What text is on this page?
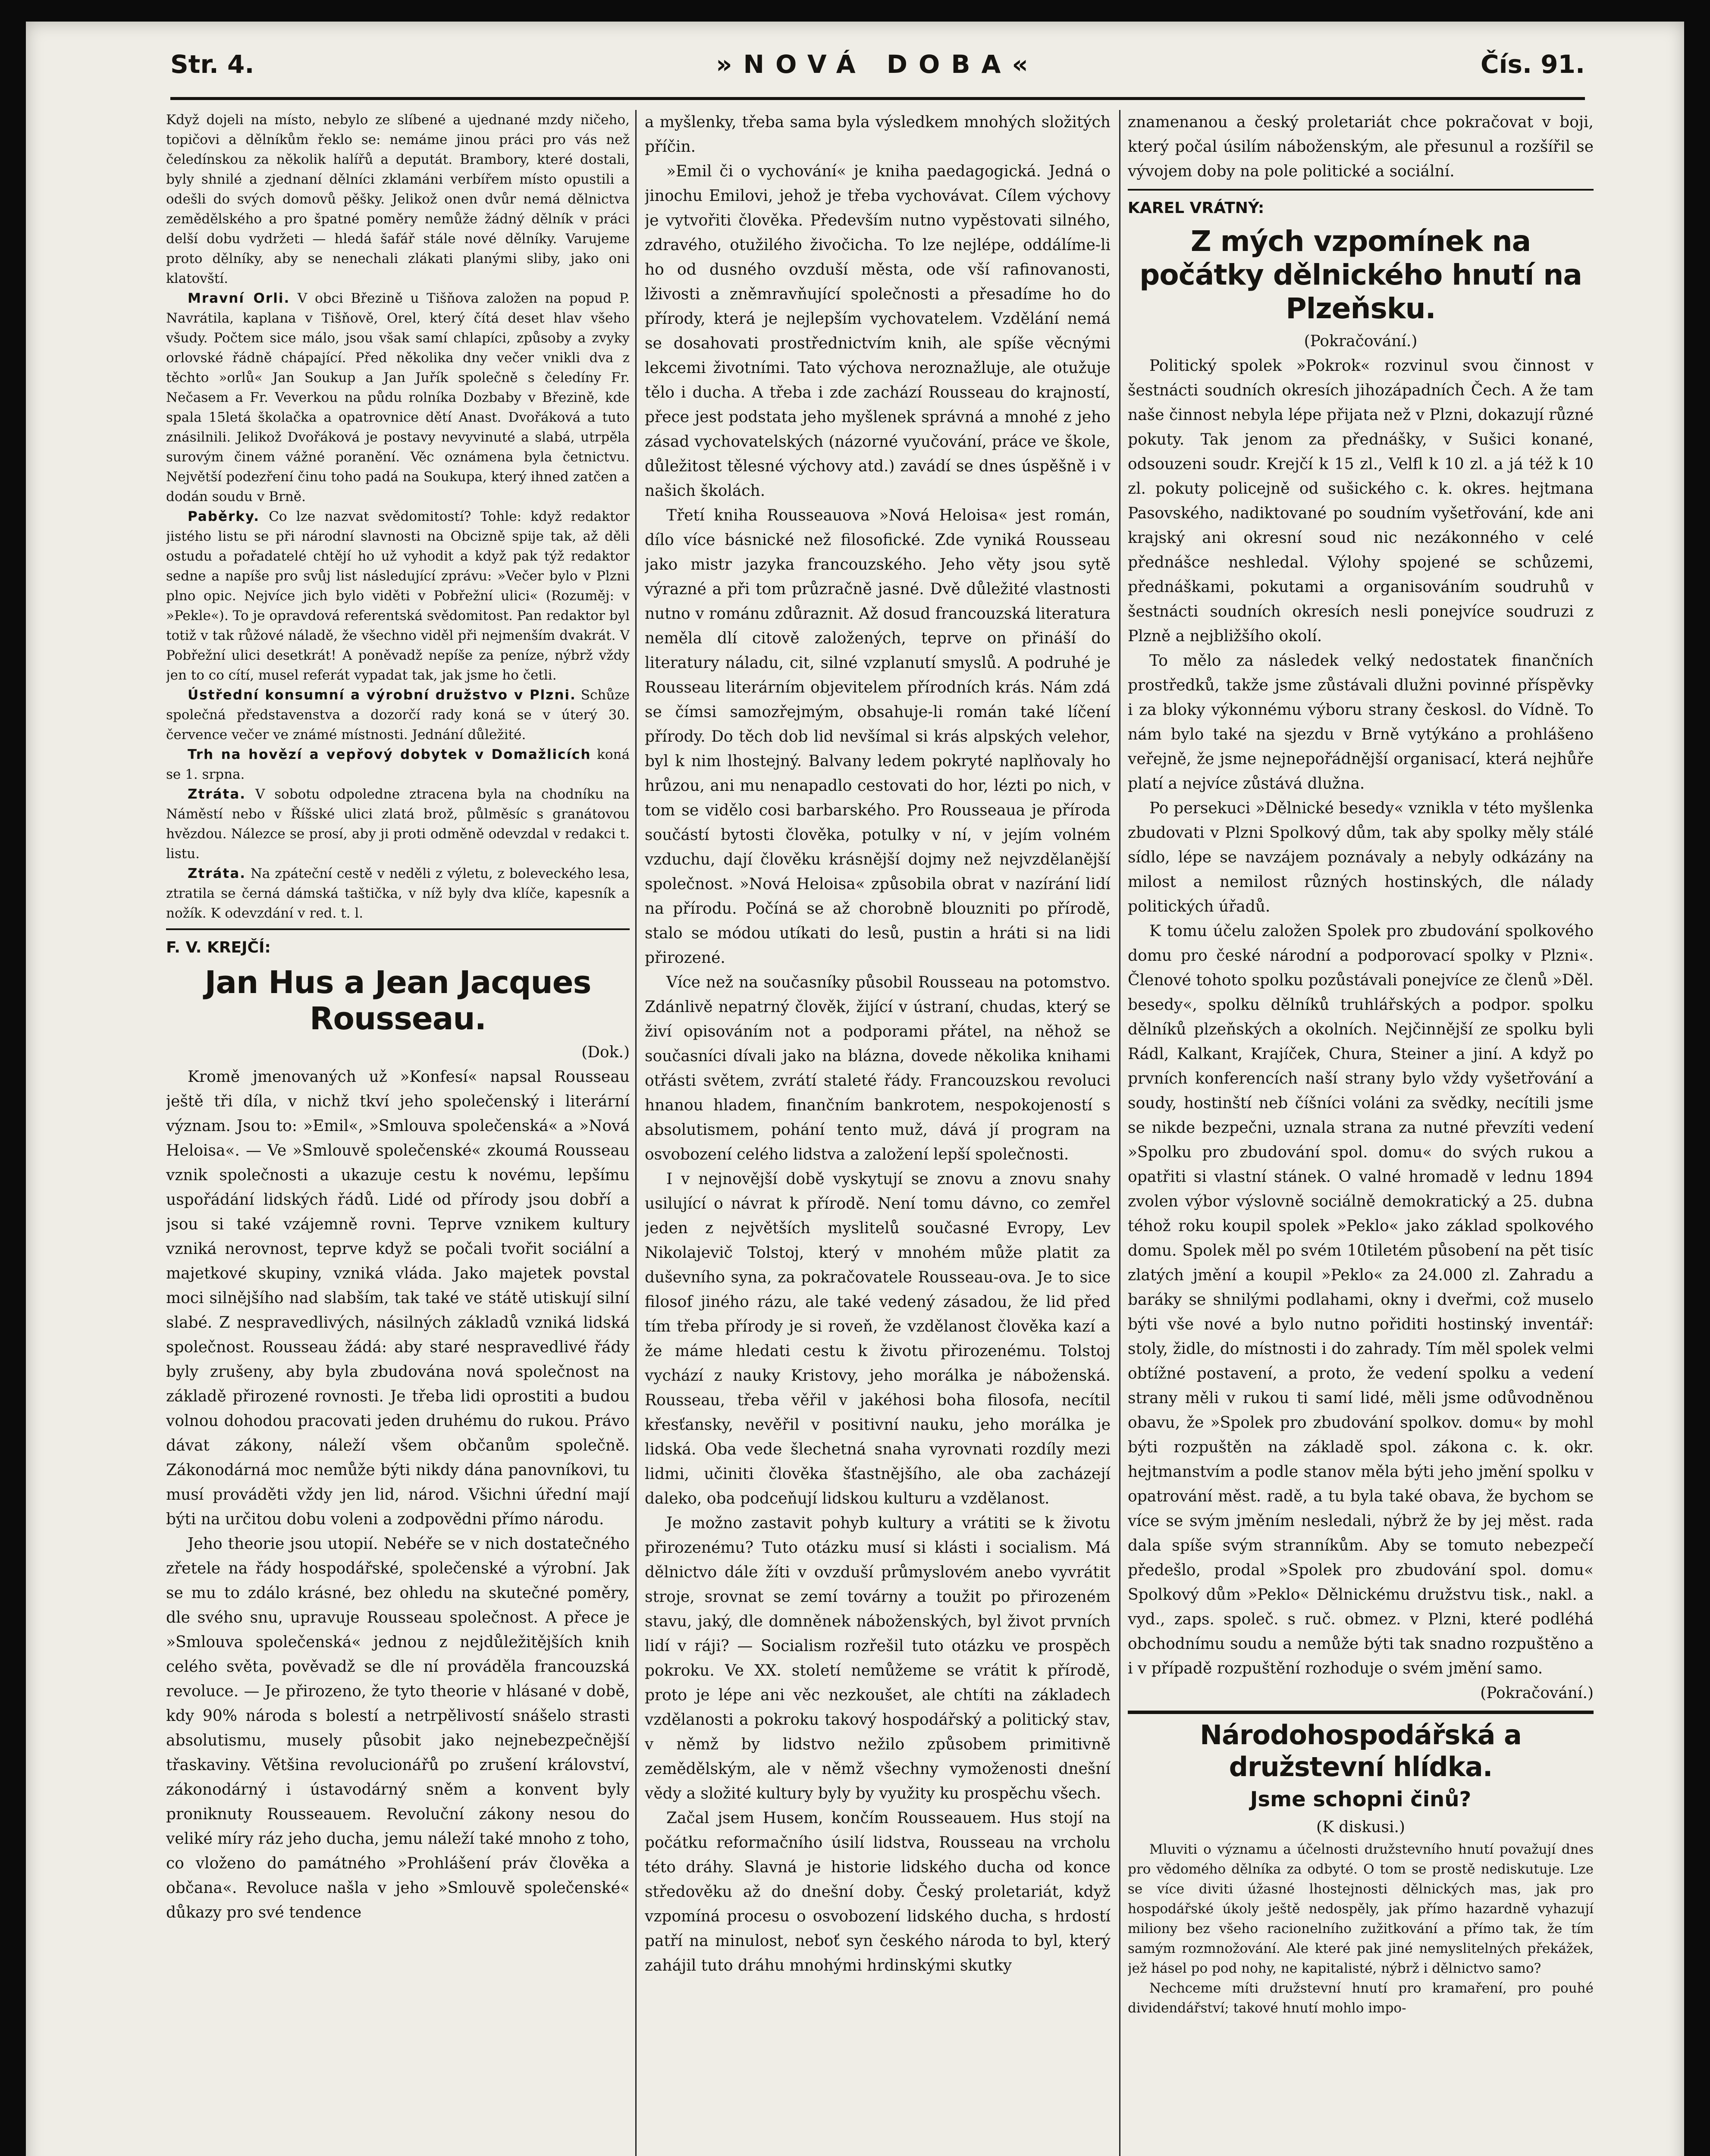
Str. 4.	»NOVÁ DOBA«	Čís. 91.

Když dojeli na místo, nebylo ze slíbené a ujednané mzdy ničeho, topičovi a dělníkům řeklo se: nemáme jinou práci pro vás než čeledínskou za několik halířů a deputát. Brambory, které dostali, byly shnilé a zjednaní dělníci zklamáni verbířem místo opustili a odešli do svých domovů pěšky. Jelikož onen dvůr nemá dělnictva zemědělského a pro špatné poměry nemůže žádný dělník v práci delší dobu vydržeti — hledá šafář stále nové dělníky. Varujeme proto dělníky, aby se nenechali zlákati planými sliby, jako oni klatovští.

Mravní Orli. V obci Březině u Tišňova založen na popud P. Navrátila, kaplana v Tišňově, Orel, který čítá deset hlav všeho všudy. Počtem sice málo, jsou však samí chlapíci, způsoby a zvyky orlovské řádně chápající. Před několika dny večer vnikli dva z těchto »orlů« Jan Soukup a Jan Juřík společně s čeledíny Fr. Nečasem a Fr. Veverkou na půdu rolníka Dozbaby v Březině, kde spala 15letá školačka a opatrovnice dětí Anast. Dvořáková a tuto znásilnili. Jelikož Dvořáková je postavy nevyvinuté a slabá, utrpěla surovým činem vážné poranění. Věc oznámena byla četnictvu. Největší podezření činu toho padá na Soukupa, který ihned zatčen a dodán soudu v Brně.

Paběrky. Co lze nazvat svědomitostí? Tohle: když redaktor jistého listu se při národní slavnosti na Obcizně spije tak, až děli ostudu a pořadatelé chtějí ho už vyhodit a když pak týž redaktor sedne a napíše pro svůj list následující zprávu: »Večer bylo v Plzni plno opic. Nejvíce jich bylo viděti v Pobřežní ulici« (Rozuměj: v »Pekle«). To je opravdová referentská svědomitost. Pan redaktor byl totiž v tak růžové náladě, že všechno viděl při nejmenším dvakrát. V Pobřežní ulici desetkrát! A poněvadž nepíše za peníze, nýbrž vždy jen to co cítí, musel referát vypadat tak, jak jsme ho četli.

Ústřední konsumní a výrobní družstvo v Plzni. Schůze společná představenstva a dozorčí rady koná se v úterý 30. července večer ve známé místnosti. Jednání důležité.

Trh na hovězí a vepřový dobytek v Domažlicích koná se 1. srpna.

Ztráta. V sobotu odpoledne ztracena byla na chodníku na Náměstí nebo v Říšské ulici zlatá brož, půlměsíc s granátovou hvězdou. Nálezce se prosí, aby ji proti odměně odevzdal v redakci t. listu.

Ztráta. Na zpáteční cestě v neděli z výletu, z boleveckého lesa, ztratila se černá dámská taštička, v níž byly dva klíče, kapesník a nožík. K odevzdání v red. t. l.

F. V. KREJČÍ:
Jan Hus a Jean Jacques Rousseau.
(Dok.)

Kromě jmenovaných už »Konfesí« napsal Rousseau ještě tři díla, v nichž tkví jeho společenský i literární význam. Jsou to: »Emil«, »Smlouva společenská« a »Nová Heloisa«. — Ve »Smlouvě společenské« zkoumá Rousseau vznik společnosti a ukazuje cestu k novému, lepšímu uspořádání lidských řádů. Lidé od přírody jsou dobří a jsou si také vzájemně rovni. Teprve vznikem kultury vzniká nerovnost, teprve když se počali tvořit sociální a majetkové skupiny, vzniká vláda. Jako majetek povstal moci silnějšího nad slabším, tak také ve státě utiskují silní slabé. Z nespravedlivých, násilných základů vzniká lidská společnost. Rousseau žádá: aby staré nespravedlivé řády byly zrušeny, aby byla zbudována nová společnost na základě přirozené rovnosti. Je třeba lidi oprostiti a budou volnou dohodou pracovati jeden druhému do rukou. Právo dávat zákony, náleží všem občanům společně. Zákonodárná moc nemůže býti nikdy dána panovníkovi, tu musí prováděti vždy jen lid, národ. Všichni úřední mají býti na určitou dobu voleni a zodpovědni přímo národu.

Jeho theorie jsou utopií. Nebéře se v nich dostatečného zřetele na řády hospodářské, společenské a výrobní. Jak se mu to zdálo krásné, bez ohledu na skutečné poměry, dle svého snu, upravuje Rousseau společnost. A přece je »Smlouva společenská« jednou z nejdůležitějších knih celého světa, pověvadž se dle ní prováděla francouzská revoluce. — Je přirozeno, že tyto theorie v hlásané v době, kdy 90% národa s bolestí a netrpělivostí snášelo strasti absolutismu, musely působit jako nejnebezpečnější třaskaviny. Většina revolucionářů po zrušení království, zákonodárný i ústavodárný sněm a konvent byly proniknuty Rousseauem. Revoluční zákony nesou do veliké míry ráz jeho ducha, jemu náleží také mnoho z toho, co vloženo do památného »Prohlášení práv člověka a občana«. Revoluce našla v jeho »Smlouvě společenské« důkazy pro své tendence

a myšlenky, třeba sama byla výsledkem mnohých složitých příčin.

»Emil či o vychování« je kniha paedagogická. Jedná o jinochu Emilovi, jehož je třeba vychovávat. Cílem výchovy je vytvořiti člověka. Především nutno vypěstovati silného, zdravého, otužilého živočicha. To lze nejlépe, oddálíme-li ho od dusného ovzduší města, ode vší rafinovanosti, lživosti a zněmravňující společnosti a přesadíme ho do přírody, která je nejlepším vychovatelem. Vzdělání nemá se dosahovati prostřednictvím knih, ale spíše věcnými lekcemi životními. Tato výchova neroznažluje, ale otužuje tělo i ducha. A třeba i zde zachází Rousseau do krajností, přece jest podstata jeho myšlenek správná a mnohé z jeho zásad vychovatelských (názorné vyučování, práce ve škole, důležitost tělesné výchovy atd.) zavádí se dnes úspěšně i v našich školách.

Třetí kniha Rousseauova »Nová Heloisa« jest román, dílo více básnické než filosofické. Zde vyniká Rousseau jako mistr jazyka francouzského. Jeho věty jsou sytě výrazné a při tom průzračně jasné. Dvě důležité vlastnosti nutno v románu zdůraznit. Až dosud francouzská literatura neměla dlí citově založených, teprve on přináší do literatury náladu, cit, silné vzplanutí smyslů. A podruhé je Rousseau literárním objevitelem přírodních krás. Nám zdá se čímsi samozřejmým, obsahuje-li román také líčení přírody. Do těch dob lid nevšímal si krás alpských velehor, byl k nim lhostejný. Balvany ledem pokryté naplňovaly ho hrůzou, ani mu nenapadlo cestovati do hor, lézti po nich, v tom se vidělo cosi barbarského. Pro Rousseaua je příroda součástí bytosti člověka, potulky v ní, v jejím volném vzduchu, dají člověku krásnější dojmy než nejvzdělanější společnost. »Nová Heloisa« způsobila obrat v nazírání lidí na přírodu. Počíná se až chorobně blouzniti po přírodě, stalo se módou utíkati do lesů, pustin a hráti si na lidi přirozené.

Více než na současníky působil Rousseau na potomstvo. Zdánlivě nepatrný člověk, žijící v ústraní, chudas, který se živí opisováním not a podporami přátel, na něhož se současníci dívali jako na blázna, dovede několika knihami otřásti světem, zvrátí staleté řády. Francouzskou revoluci hnanou hladem, finančním bankrotem, nespokojeností s absolutismem, pohání tento muž, dává jí program na osvobození celého lidstva a založení lepší společnosti.

I v nejnovější době vyskytují se znovu a znovu snahy usilující o návrat k přírodě. Není tomu dávno, co zemřel jeden z největších myslitelů současné Evropy, Lev Nikolajevič Tolstoj, který v mnohém může platit za duševního syna, za pokračovatele Rousseau-ova. Je to sice filosof jiného rázu, ale také vedený zásadou, že lid před tím třeba přírody je si roveň, že vzdělanost člověka kazí a že máme hledati cestu k životu přirozenému. Tolstoj vychází z nauky Kristovy, jeho morálka je náboženská. Rousseau, třeba věřil v jakéhosi boha filosofa, necítil křesťansky, nevěřil v positivní nauku, jeho morálka je lidská. Oba vede šlechetná snaha vyrovnati rozdíly mezi lidmi, učiniti člověka šťastnějšího, ale oba zacházejí daleko, oba podceňují lidskou kulturu a vzdělanost.

Je možno zastavit pohyb kultury a vrátiti se k životu přirozenému? Tuto otázku musí si klásti i socialism. Má dělnictvo dále žíti v ovzduší průmyslovém anebo vyvrátit stroje, srovnat se zemí továrny a toužit po přirozeném stavu, jaký, dle domněnek náboženských, byl život prvních lidí v ráji? — Socialism rozřešil tuto otázku ve prospěch pokroku. Ve XX. století nemůžeme se vrátit k přírodě, proto je lépe ani věc nezkoušet, ale chtíti na základech vzdělanosti a pokroku takový hospodářský a politický stav, v němž by lidstvo nežilo způsobem primitivně zemědělským, ale v němž všechny vymoženosti dnešní vědy a složité kultury byly by využity ku prospěchu všech.

Začal jsem Husem, končím Rousseauem. Hus stojí na počátku reformačního úsilí lidstva, Rousseau na vrcholu této dráhy. Slavná je historie lidského ducha od konce středověku až do dnešní doby. Český proletariát, když vzpomíná procesu o osvobození lidského ducha, s hrdostí patří na minulost, neboť syn českého národa to byl, který zahájil tuto dráhu mnohými hrdinskými skutky

znamenanou a český proletariát chce pokračovat v boji, který počal úsilím náboženským, ale přesunul a rozšířil se vývojem doby na pole politické a sociální.

KAREL VRÁTNÝ:
Z mých vzpomínek na počátky dělnického hnutí na Plzeňsku.
(Pokračování.)

Politický spolek »Pokrok« rozvinul svou činnost v šestnácti soudních okresích jihozápadních Čech. A že tam naše činnost nebyla lépe přijata než v Plzni, dokazují různé pokuty. Tak jenom za přednášky, v Sušici konané, odsouzeni soudr. Krejčí k 15 zl., Velfl k 10 zl. a já též k 10 zl. pokuty policejně od sušického c. k. okres. hejtmana Pasovského, nadiktované po soudním vyšetřování, kde ani krajský ani okresní soud nic nezákonného v celé přednášce neshledal. Výlohy spojené se schůzemi, přednáškami, pokutami a organisováním soudruhů v šestnácti soudních okresích nesli ponejvíce soudruzi z Plzně a nejbližšího okolí.

To mělo za následek velký nedostatek finančních prostředků, takže jsme zůstávali dlužni povinné příspěvky i za bloky výkonnému výboru strany českosl. do Vídně. To nám bylo také na sjezdu v Brně vytýkáno a prohlášeno veřejně, že jsme nejnepořádnější organisací, která nejhůře platí a nejvíce zůstává dlužna.

Po persekuci »Dělnické besedy« vznikla v této myšlenka zbudovati v Plzni Spolkový dům, tak aby spolky měly stálé sídlo, lépe se navzájem poznávaly a nebyly odkázány na milost a nemilost různých hostinských, dle nálady politických úřadů.

K tomu účelu založen Spolek pro zbudování spolkového domu pro české národní a podporovací spolky v Plzni«. Členové tohoto spolku pozůstávali ponejvíce ze členů »Děl. besedy«, spolku dělníků truhlářských a podpor. spolku dělníků plzeňských a okolních. Nejčinnější ze spolku byli Rádl, Kalkant, Krajíček, Chura, Steiner a jiní. A když po prvních konferencích naší strany bylo vždy vyšetřování a soudy, hostinští neb číšníci voláni za svědky, necítili jsme se nikde bezpečni, uznala strana za nutné převzíti vedení »Spolku pro zbudování spol. domu« do svých rukou a opatřiti si vlastní stánek. O valné hromadě v lednu 1894 zvolen výbor výslovně sociálně demokratický a 25. dubna téhož roku koupil spolek »Peklo« jako základ spolkového domu. Spolek měl po svém 10tiletém působení na pět tisíc zlatých jmění a koupil »Peklo« za 24.000 zl. Zahradu a baráky se shnilými podlahami, okny i dveřmi, což muselo býti vše nové a bylo nutno pořiditi hostinský inventář: stoly, židle, do místnosti i do zahrady. Tím měl spolek velmi obtížné postavení, a proto, že vedení spolku a vedení strany měli v rukou ti samí lidé, měli jsme odůvodněnou obavu, že »Spolek pro zbudování spolkov. domu« by mohl býti rozpuštěn na základě spol. zákona c. k. okr. hejtmanstvím a podle stanov měla býti jeho jmění spolku v opatrování měst. radě, a tu byla také obava, že bychom se více se svým jměním nesledali, nýbrž že by jej měst. rada dala spíše svým stranníkům. Aby se tomuto nebezpečí předešlo, prodal »Spolek pro zbudování spol. domu« Spolkový dům »Peklo« Dělnickému družstvu tisk., nakl. a vyd., zaps. společ. s ruč. obmez. v Plzni, které podléhá obchodnímu soudu a nemůže býti tak snadno rozpuštěno a i v případě rozpuštění rozhoduje o svém jmění samo.

(Pokračování.)
Národohospodářská a družstevní hlídka.
Jsme schopni činů?
(K diskusi.)

Mluviti o významu a účelnosti družstevního hnutí považují dnes pro vědomého dělníka za odbyté. O tom se prostě nediskutuje. Lze se více diviti úžasné lhostejnosti dělnických mas, jak pro hospodářské úkoly ještě nedospěly, jak přímo hazardně vyhazují miliony bez všeho racionelního zužitkování a přímo tak, že tím samým rozmnožování. Ale které pak jiné nemyslitelných překážek, jež hásel po pod nohy, ne kapitalisté, nýbrž i dělnictvo samo?

Nechceme míti družstevní hnutí pro kramaření, pro pouhé dividendářství; takové hnutí mohlo impo-
